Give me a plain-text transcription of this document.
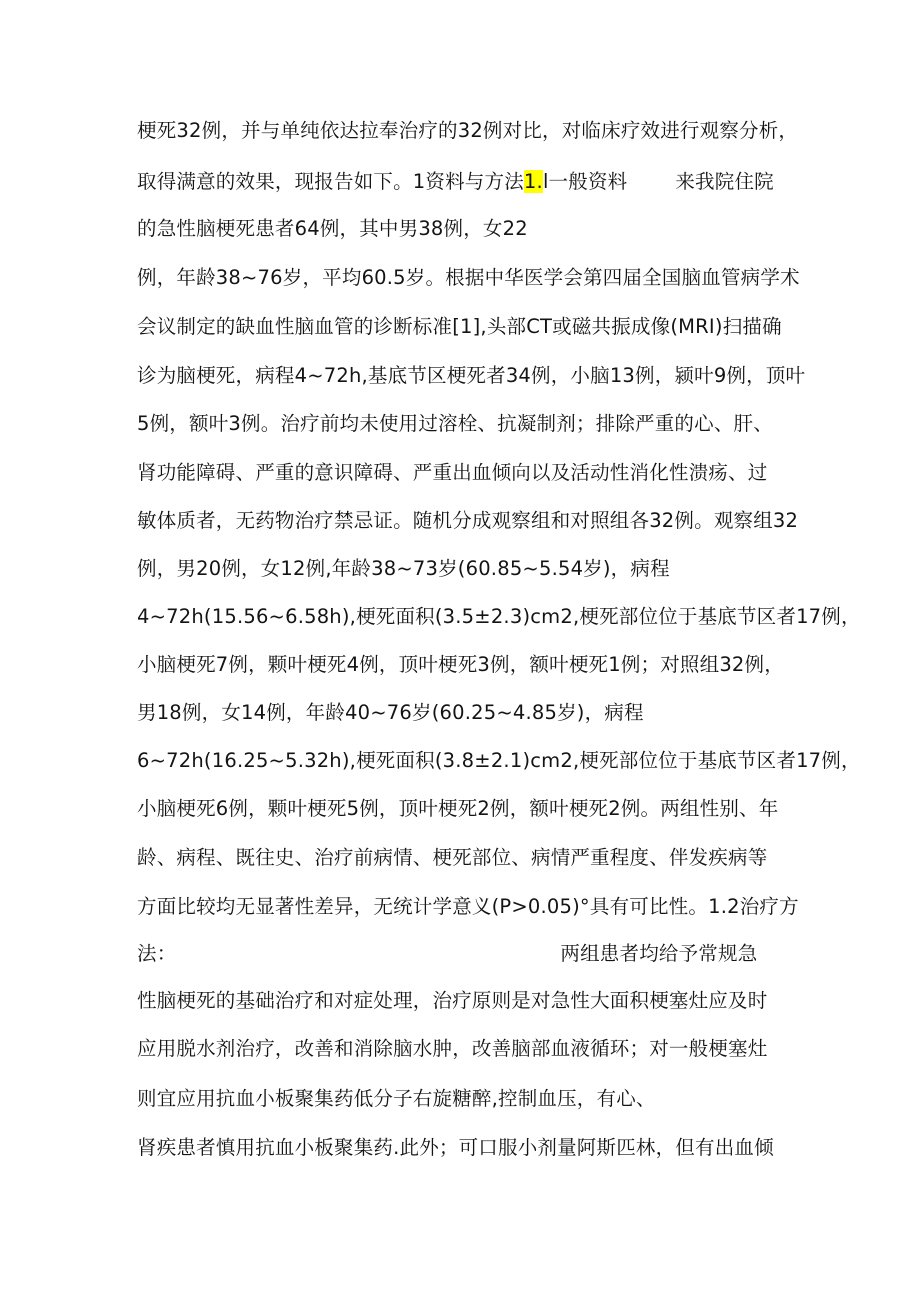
梗死32例，并与单纯依达拉奉治疗的32例对比，对临床疗效进行观察分析，
取得满意的效果，现报告如下。1资料与方法1.l一般资料 来我院住院
的急性脑梗死患者64例，其中男38例，女22
例，年龄38~76岁，平均60.5岁。根据中华医学会第四届全国脑血管病学术
会议制定的缺血性脑血管的诊断标准[1],头部CT或磁共振成像(MRI)扫描确
诊为脑梗死，病程4~72h,基底节区梗死者34例，小脑13例，颍叶9例，顶叶
5例，额叶3例。治疗前均未使用过溶栓、抗凝制剂；排除严重的心、肝、
肾功能障碍、严重的意识障碍、严重出血倾向以及活动性消化性溃疡、过
敏体质者，无药物治疗禁忌证。随机分成观察组和对照组各32例。观察组32
例，男20例，女12例,年龄38~73岁(60.85~5.54岁)，病程
4~72h(15.56~6.58h),梗死面积(3.5±2.3)cm2,梗死部位位于基底节区者17例，
小脑梗死7例，颗叶梗死4例，顶叶梗死3例，额叶梗死1例；对照组32例，
男18例，女14例，年龄40~76岁(60.25~4.85岁)，病程
6~72h(16.25~5.32h),梗死面积(3.8±2.1)cm2,梗死部位位于基底节区者17例，
小脑梗死6例，颗叶梗死5例，顶叶梗死2例，额叶梗死2例。两组性别、年
龄、病程、既往史、治疗前病情、梗死部位、病情严重程度、伴发疾病等
方面比较均无显著性差异，无统计学意义(P>0.05)°具有可比性。1.2治疗方
法：	两组患者均给予常规急
性脑梗死的基础治疗和对症处理，治疗原则是对急性大面积梗塞灶应及时
应用脱水剂治疗，改善和消除脑水肿，改善脑部血液循环；对一般梗塞灶
则宜应用抗血小板聚集药低分子右旋糖醉,控制血压，有心、
肾疾患者慎用抗血小板聚集药.此外；可口服小剂量阿斯匹林，但有出血倾
